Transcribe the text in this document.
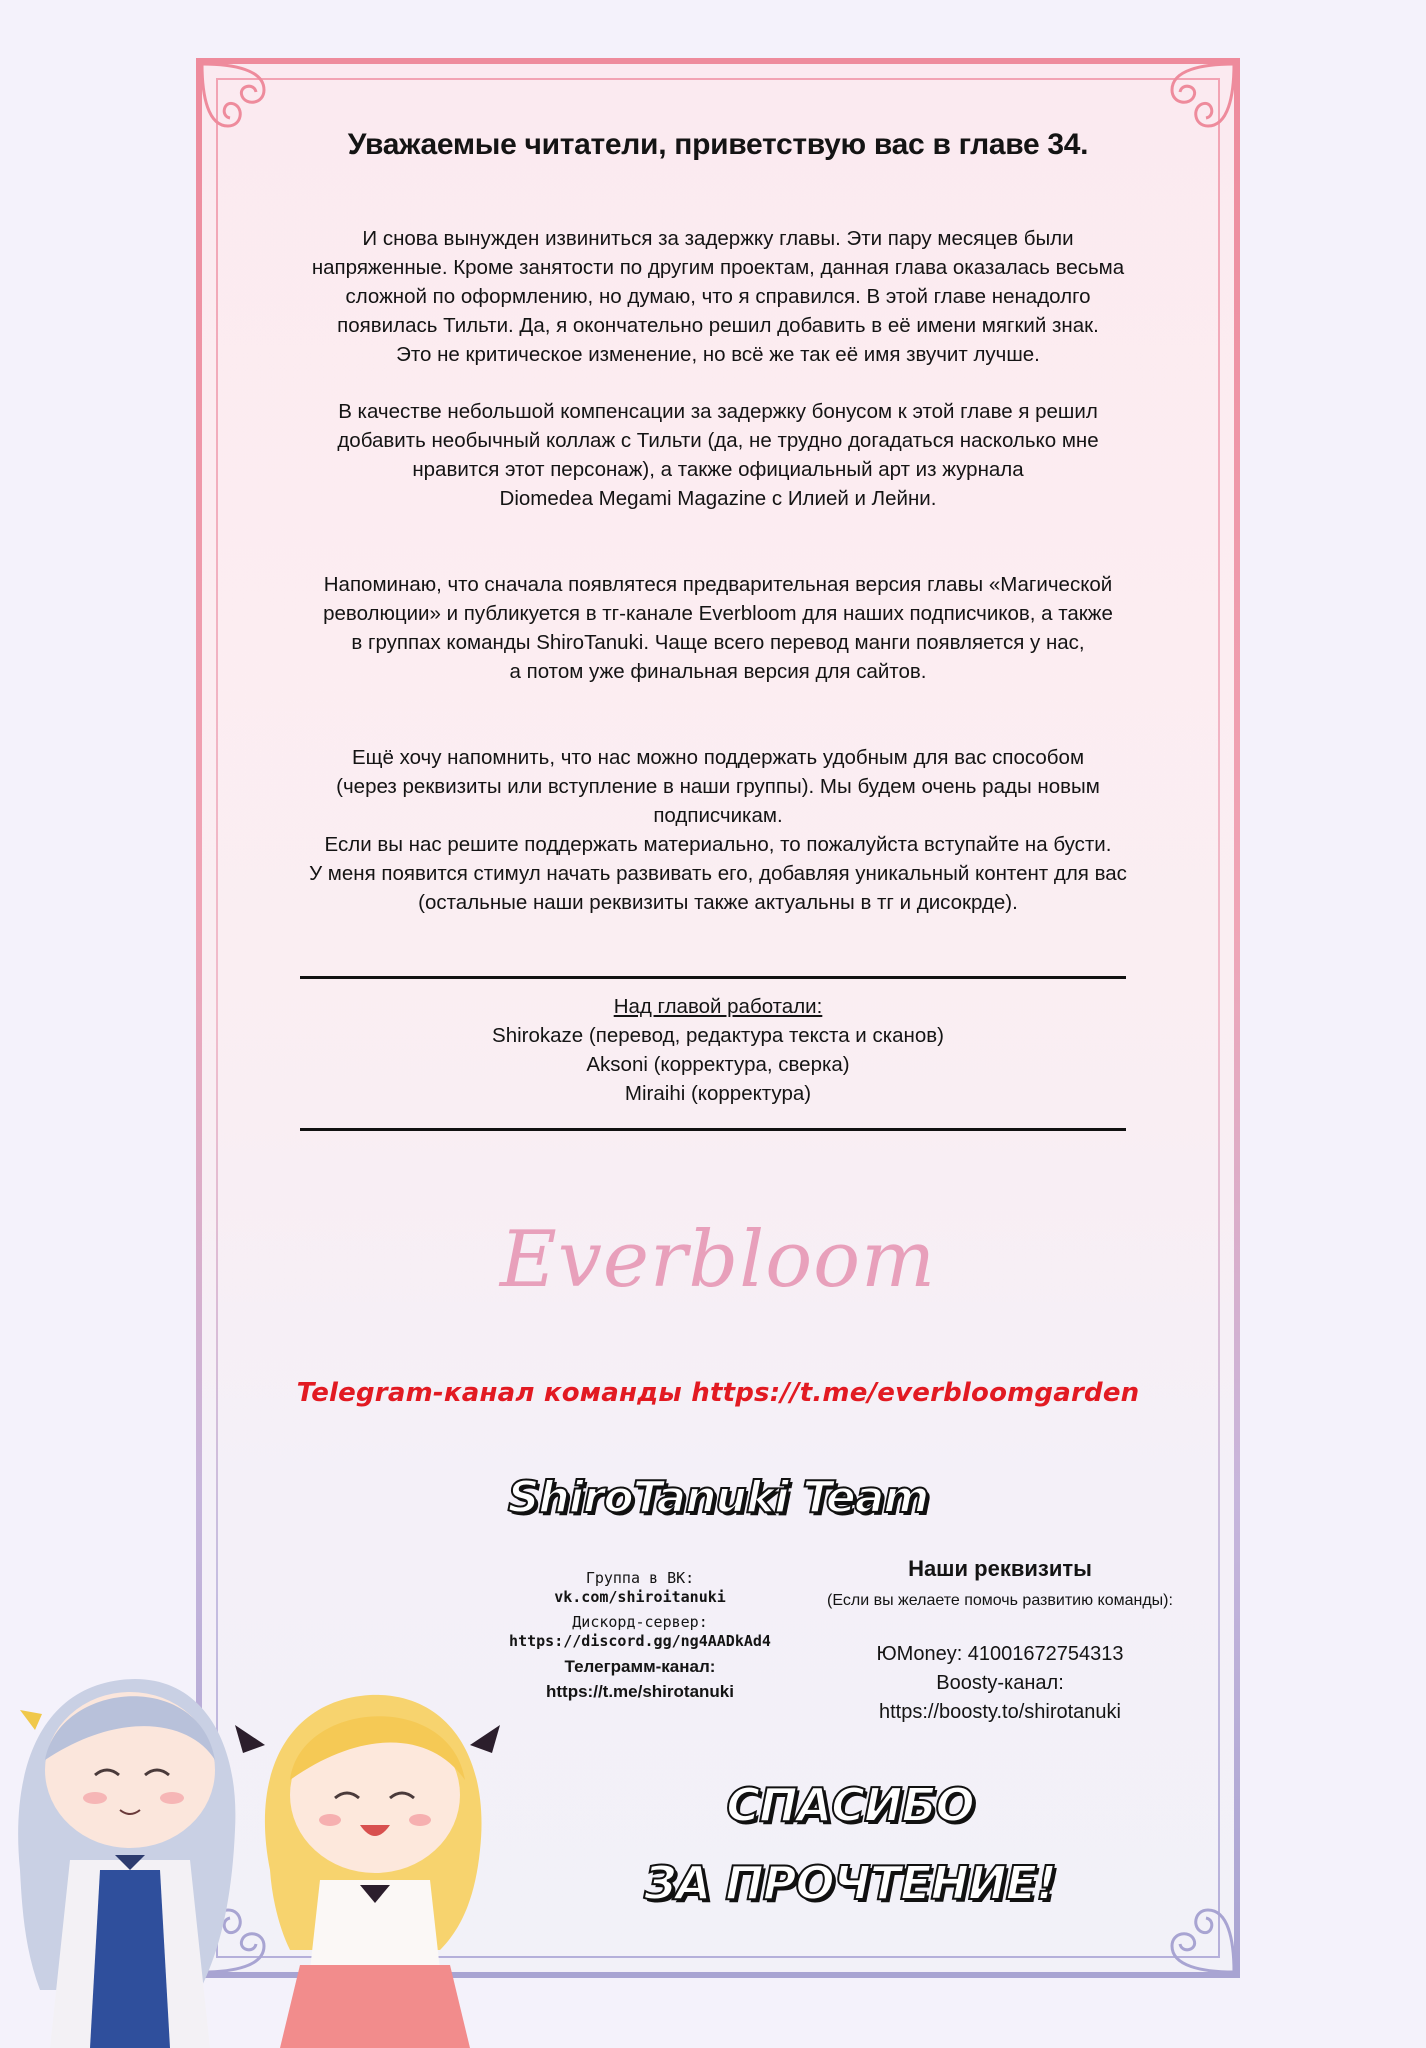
Уважаемые читатели, приветствую вас в главе 34.
И снова вынужден извиниться за задержку главы. Эти пару месяцев были
напряженные. Кроме занятости по другим проектам, данная глава оказалась весьма
сложной по оформлению, но думаю, что я справился. В этой главе ненадолго
появилась Тильти. Да, я окончательно решил добавить в её имени мягкий знак.
Это не критическое изменение, но всё же так её имя звучит лучше.
В качестве небольшой компенсации за задержку бонусом к этой главе я решил
добавить необычный коллаж с Тильти (да, не трудно догадаться насколько мне
нравится этот персонаж), а также официальный арт из журнала
Diomedea Megami Magazine с Илией и Лейни.
Напоминаю, что сначала появлятеся предварительная версия главы «Магической
революции» и публикуется в тг-канале Everbloom для наших подписчиков, а также
в группах команды ShiroTanuki. Чаще всего перевод манги появляется у нас,
а потом уже финальная версия для сайтов.
Ещё хочу напомнить, что нас можно поддержать удобным для вас способом
(через реквизиты или вступление в наши группы). Мы будем очень рады новым
подписчикам.
Если вы нас решите поддержать материально, то пожалуйста вступайте на бусти.
У меня появится стимул начать развивать его, добавляя уникальный контент для вас
(остальные наши реквизиты также актуальны в тг и дисокрде).
Над главой работали:
Shirokaze (перевод, редактура текста и сканов)
Aksoni (корректура, сверка)
Miraihi (корректура)
Everbloom
Telegram-канал команды https://t.me/everbloomgarden
ShiroTanuki Team
Группа в ВК:
vk.com/shiroitanuki
Дискорд-сервер:
https://discord.gg/ng4AADkAd4
Телеграмм-канал:
https://t.me/shirotanuki
Наши реквизиты
(Если вы желаете помочь развитию команды):
ЮMoney: 41001672754313
Boosty-канал:
https://boosty.to/shirotanuki
СПАСИБО
ЗА ПРОЧТЕНИЕ!
